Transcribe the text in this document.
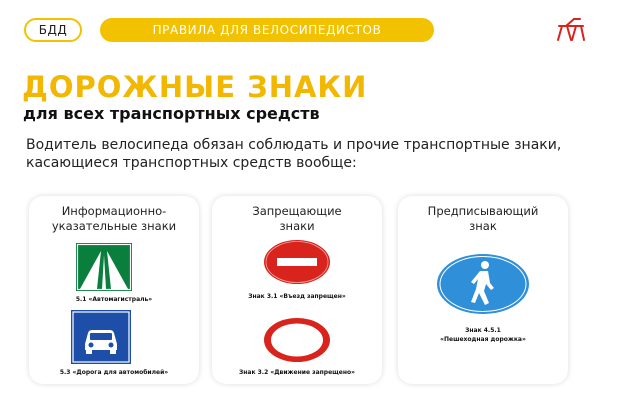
БДД	ПРАВИЛА ДЛЯ ВЕЛОСИПЕДИСТОВ
ДОРОЖНЫЕ ЗНАКИ
для всех транспортных средств

Водитель велосипеда обязан соблюдать и прочие транспортные знаки, касающиеся транспортных средств вообще:

Информационно-
указательные знаки
5.1 «Автомагистраль»
5.3 «Дорога для автомобилей»
Запрещающие
знаки
Знак 3.1 «Въезд запрещен»
Знак 3.2 «Движение запрещено»
Предписывающий
знак
Знак 4.5.1
«Пешеходная дорожка»
